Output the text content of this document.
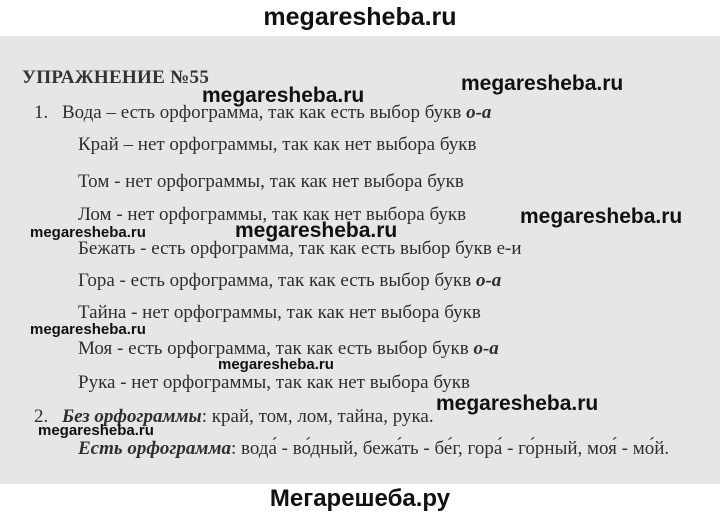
megaresheba.ru
УПРАЖНЕНИЕ №55
1. Вода – есть орфограмма, так как есть выбор букв о-а
Край – нет орфограммы, так как нет выбора букв
Том - нет орфограммы, так как нет выбора букв
Лом - нет орфограммы, так как нет выбора букв
Бежать - есть орфограмма, так как есть выбор букв е-и
Гора - есть орфограмма, так как есть выбор букв о-а
Тайна - нет орфограммы, так как нет выбора букв
Моя - есть орфограмма, так как есть выбор букв о-а
Рука - нет орфограммы, так как нет выбора букв
2. Без орфограммы: край, том, лом, тайна, рука.
Есть орфограмма: вода́ - во́дный, бежа́ть - бе́г, гора́ - го́рный, моя́ - мо́й.
megaresheba.ru
megaresheba.ru
megaresheba.ru
megaresheba.ru
megaresheba.ru
megaresheba.ru
megaresheba.ru
megaresheba.ru
megaresheba.ru
Мегарешеба.ру
